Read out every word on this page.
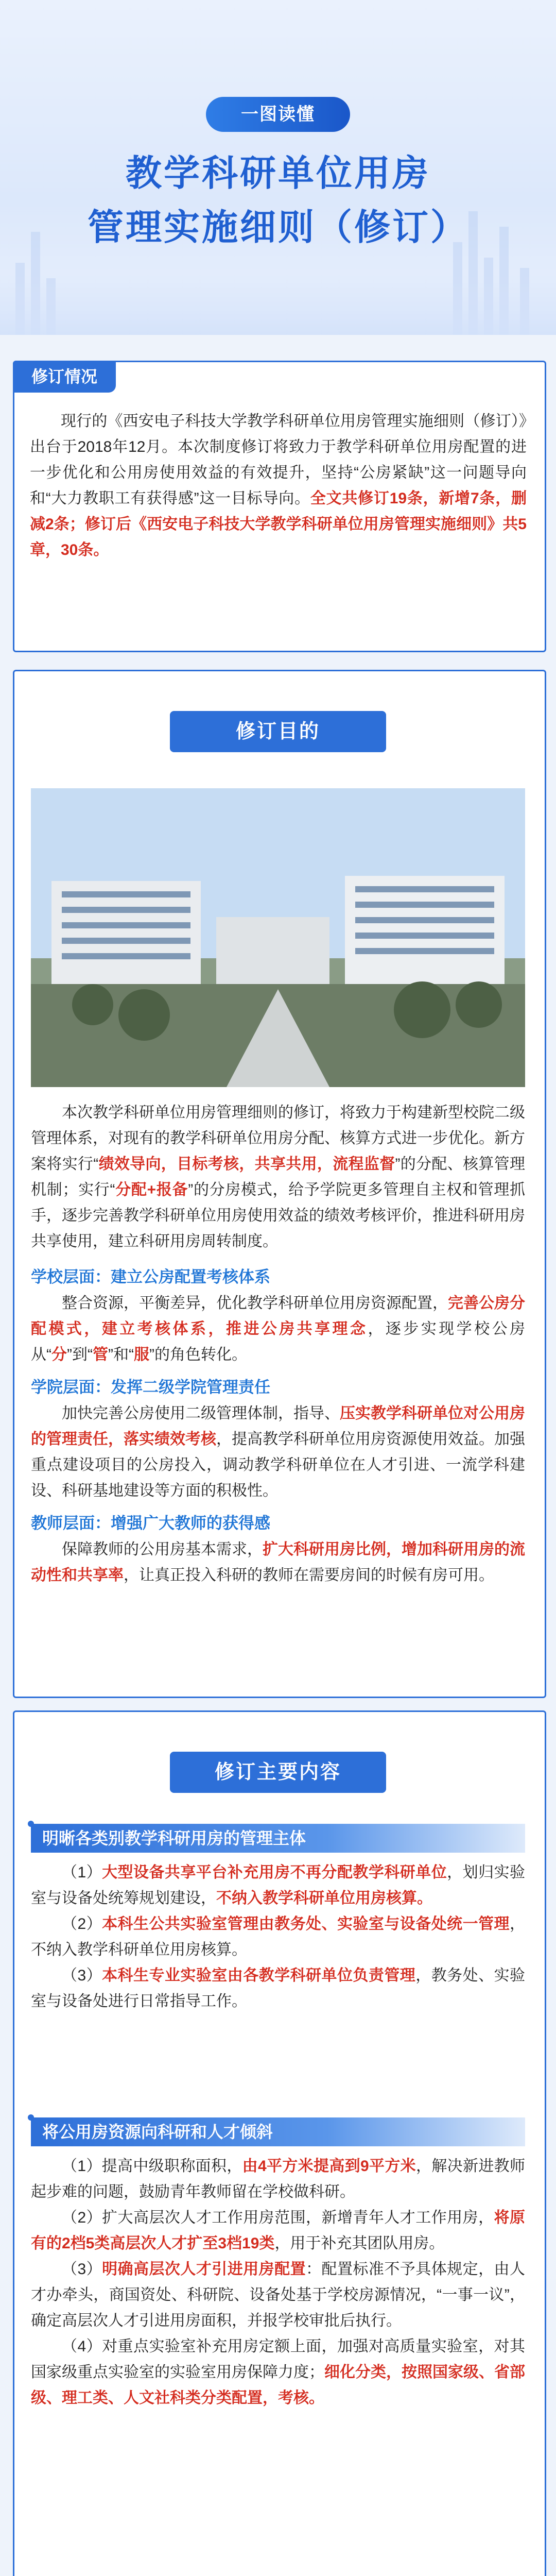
一图读懂
教学科研单位用房
管理实施细则（修订）
修订情况

现行的《西安电子科技大学教学科研单位用房管理实施细则（修订）》出台于2018年12月。本次制度修订将致力于教学科研单位用房配置的进一步优化和公用房使用效益的有效提升，坚持“公房紧缺”这一问题导向和“大力教职工有获得感”这一目标导向。全文共修订19条，新增7条，删减2条；修订后《西安电子科技大学教学科研单位用房管理实施细则》共5章，30条。

修订目的

本次教学科研单位用房管理细则的修订，将致力于构建新型校院二级管理体系，对现有的教学科研单位用房分配、核算方式进一步优化。新方案将实行“绩效导向，目标考核，共享共用，流程监督”的分配、核算管理机制；实行“分配+报备”的分房模式，给予学院更多管理自主权和管理抓手，逐步完善教学科研单位用房使用效益的绩效考核评价，推进科研用房共享使用，建立科研用房周转制度。

学校层面：建立公房配置考核体系

整合资源，平衡差异，优化教学科研单位用房资源配置，完善公房分配模式，建立考核体系，推进公房共享理念，逐步实现学校公房从“分”到“管”和“服”的角色转化。

学院层面：发挥二级学院管理责任

加快完善公房使用二级管理体制，指导、压实教学科研单位对公用房的管理责任，落实绩效考核，提高教学科研单位用房资源使用效益。加强重点建设项目的公房投入，调动教学科研单位在人才引进、一流学科建设、科研基地建设等方面的积极性。

教师层面：增强广大教师的获得感

保障教师的公用房基本需求，扩大科研用房比例，增加科研用房的流动性和共享率，让真正投入科研的教师在需要房间的时候有房可用。

修订主要内容
明晰各类别教学科研用房的管理主体

（1）大型设备共享平台补充用房不再分配教学科研单位，划归实验室与设备处统筹规划建设，不纳入教学科研单位用房核算。

（2）本科生公共实验室管理由教务处、实验室与设备处统一管理，不纳入教学科研单位用房核算。

（3）本科生专业实验室由各教学科研单位负责管理，教务处、实验室与设备处进行日常指导工作。

将公用房资源向科研和人才倾斜

（1）提高中级职称面积，由4平方米提高到9平方米，解决新进教师起步难的问题，鼓励青年教师留在学校做科研。

（2）扩大高层次人才工作用房范围，新增青年人才工作用房，将原有的2档5类高层次人才扩至3档19类，用于补充其团队用房。

（3）明确高层次人才引进用房配置：配置标准不予具体规定，由人才办牵头，商国资处、科研院、设备处基于学校房源情况，“一事一议”，确定高层次人才引进用房面积，并报学校审批后执行。

（4）对重点实验室补充用房定额上面，加强对高质量实验室，对其国家级重点实验室的实验室用房保障力度；细化分类，按照国家级、省部级、理工类、人文社科类分类配置，考核。
